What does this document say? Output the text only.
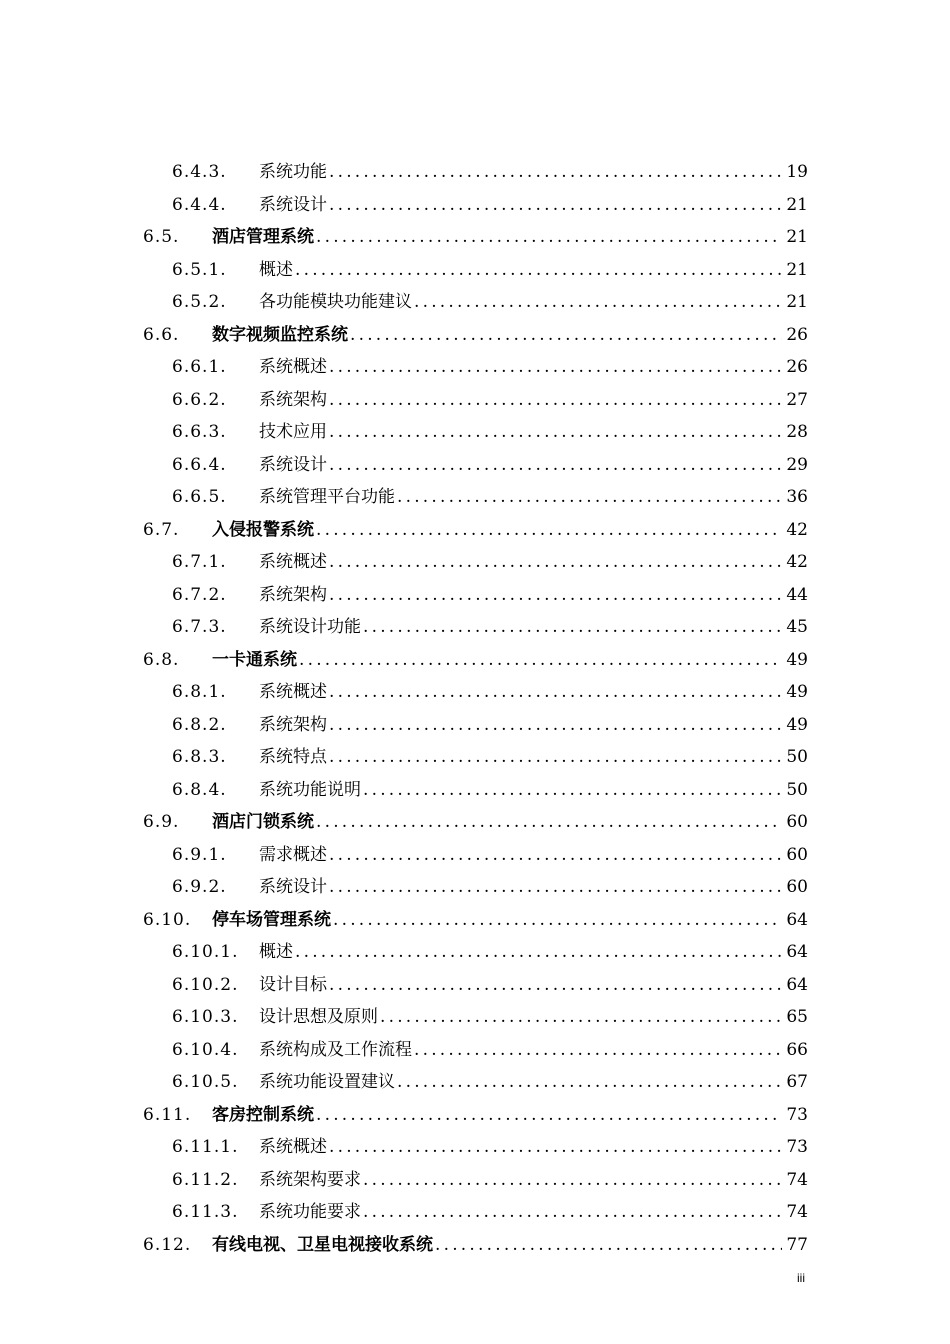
6.4.3.	系统功能 .....	19
6.4.4.	系统设计 .....	21
6.5.	酒店管理系统 .....	21
6.5.1.	概述 .....	21
6.5.2.	各功能模块功能建议 .....	21
6.6.	数字视频监控系统 .....	26
6.6.1.	系统概述 .....	26
6.6.2.	系统架构 .....	27
6.6.3.	技术应用 .....	28
6.6.4.	系统设计 .....	29
6.6.5.	系统管理平台功能 .....	36
6.7.	入侵报警系统 .....	42
6.7.1.	系统概述 .....	42
6.7.2.	系统架构 .....	44
6.7.3.	系统设计功能 .....	45
6.8.	一卡通系统 .....	49
6.8.1.	系统概述 .....	49
6.8.2.	系统架构 .....	49
6.8.3.	系统特点 .....	50
6.8.4.	系统功能说明 .....	50
6.9.	酒店门锁系统 .....	60
6.9.1.	需求概述 .....	60
6.9.2.	系统设计 .....	60
6.10.	停车场管理系统 .....	64
6.10.1.	概述 .....	64
6.10.2.	设计目标 .....	64
6.10.3.	设计思想及原则 .....	65
6.10.4.	系统构成及工作流程 .....	66
6.10.5.	系统功能设置建议 .....	67
6.11.	客房控制系统 .....	73
6.11.1.	系统概述 .....	73
6.11.2.	系统架构要求 .....	74
6.11.3.	系统功能要求 .....	74
6.12.	有线电视、卫星电视接收系统 .....	77
iii
